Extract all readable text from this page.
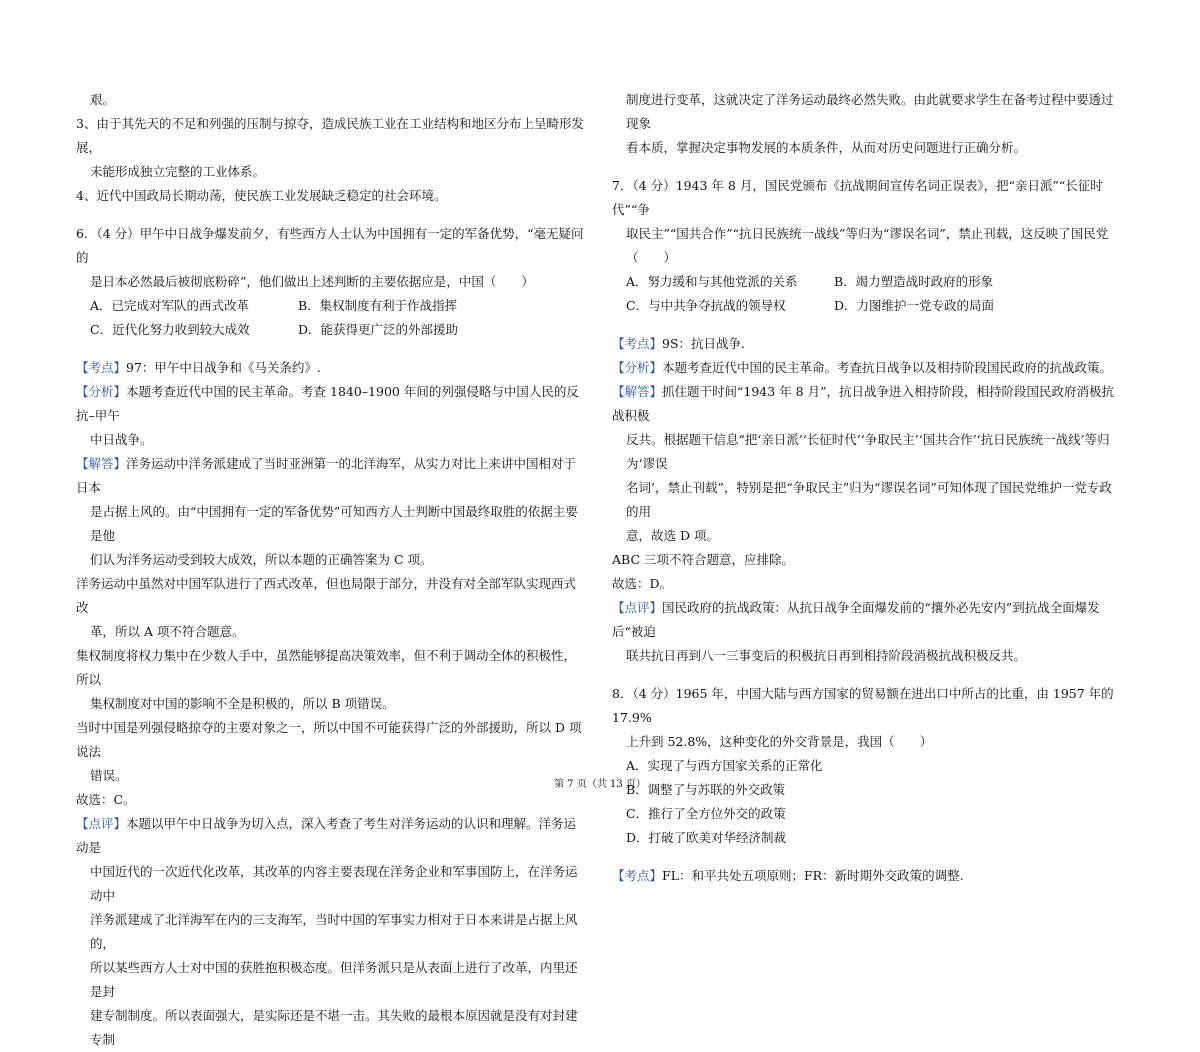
艰。

3、由于其先天的不足和列强的压制与掠夺，造成民族工业在工业结构和地区分布上呈畸形发展，

未能形成独立完整的工业体系。

4、近代中国政局长期动荡，使民族工业发展缺乏稳定的社会环境。

6．（4 分）甲午中日战争爆发前夕，有些西方人士认为中国拥有一定的军备优势，“毫无疑问的

是日本必然最后被彻底粉碎”，他们做出上述判断的主要依据应是，中国（　　）

A．已完成对军队的西式改革	B．集权制度有利于作战指挥
C．近代化努力收到较大成效	D．能获得更广泛的外部援助

【考点】97：甲午中日战争和《马关条约》.

【分析】本题考查近代中国的民主革命。考查 1840–1900 年间的列强侵略与中国人民的反抗–甲午

中日战争。

【解答】洋务运动中洋务派建成了当时亚洲第一的北洋海军，从实力对比上来讲中国相对于日本

是占据上风的。由“中国拥有一定的军备优势”可知西方人士判断中国最终取胜的依据主要是他

们认为洋务运动受到较大成效，所以本题的正确答案为 C 项。

洋务运动中虽然对中国军队进行了西式改革，但也局限于部分，并没有对全部军队实现西式改

革，所以 A 项不符合题意。

集权制度将权力集中在少数人手中，虽然能够提高决策效率，但不利于调动全体的积极性，所以

集权制度对中国的影响不全是积极的，所以 B 项错误。

当时中国是列强侵略掠夺的主要对象之一，所以中国不可能获得广泛的外部援助，所以 D 项说法

错误。

故选：C。

【点评】本题以甲午中日战争为切入点，深入考查了考生对洋务运动的认识和理解。洋务运动是

中国近代的一次近代化改革，其改革的内容主要表现在洋务企业和军事国防上，在洋务运动中

洋务派建成了北洋海军在内的三支海军，当时中国的军事实力相对于日本来讲是占据上风的，

所以某些西方人士对中国的获胜抱积极态度。但洋务派只是从表面上进行了改革，内里还是封

建专制制度。所以表面强大，是实际还是不堪一击。其失败的最根本原因就是没有对封建专制

制度进行变革，这就决定了洋务运动最终必然失败。由此就要求学生在备考过程中要透过现象

看本质，掌握决定事物发展的本质条件，从而对历史问题进行正确分析。

7．（4 分）1943 年 8 月，国民党颁布《抗战期间宣传名词正误表》，把“亲日派”“长征时代”“争

取民主”“国共合作”“抗日民族统一战线”等归为“谬误名词”，禁止刊载，这反映了国民党

（　　）

A．努力缓和与其他党派的关系	B．竭力塑造战时政府的形象
C．与中共争夺抗战的领导权	D．力图维护一党专政的局面

【考点】9S：抗日战争.

【分析】本题考查近代中国的民主革命。考查抗日战争以及相持阶段国民政府的抗战政策。

【解答】抓住题干时间“1943 年 8 月”，抗日战争进入相持阶段，相持阶段国民政府消极抗战积极

反共。根据题干信息“把‘亲日派’‘长征时代’‘争取民主’‘国共合作’‘抗日民族统一战线’等归为‘谬误

名词’，禁止刊载”，特别是把“争取民主”归为“谬误名词”可知体现了国民党维护一党专政的用

意，故选 D 项。

ABC 三项不符合题意，应排除。

故选：D。

【点评】国民政府的抗战政策：从抗日战争全面爆发前的“攘外必先安内”到抗战全面爆发后“被迫

联共抗日再到八一三事变后的积极抗日再到相持阶段消极抗战积极反共。

8．（4 分）1965 年，中国大陆与西方国家的贸易额在进出口中所占的比重，由 1957 年的 17.9%

上升到 52.8%，这种变化的外交背景是，我国（　　）

A．实现了与西方国家关系的正常化
B．调整了与苏联的外交政策
C．推行了全方位外交的政策
D．打破了欧美对华经济制裁

【考点】FL：和平共处五项原则；FR：新时期外交政策的调整.

第 7 页（共 13 页）
